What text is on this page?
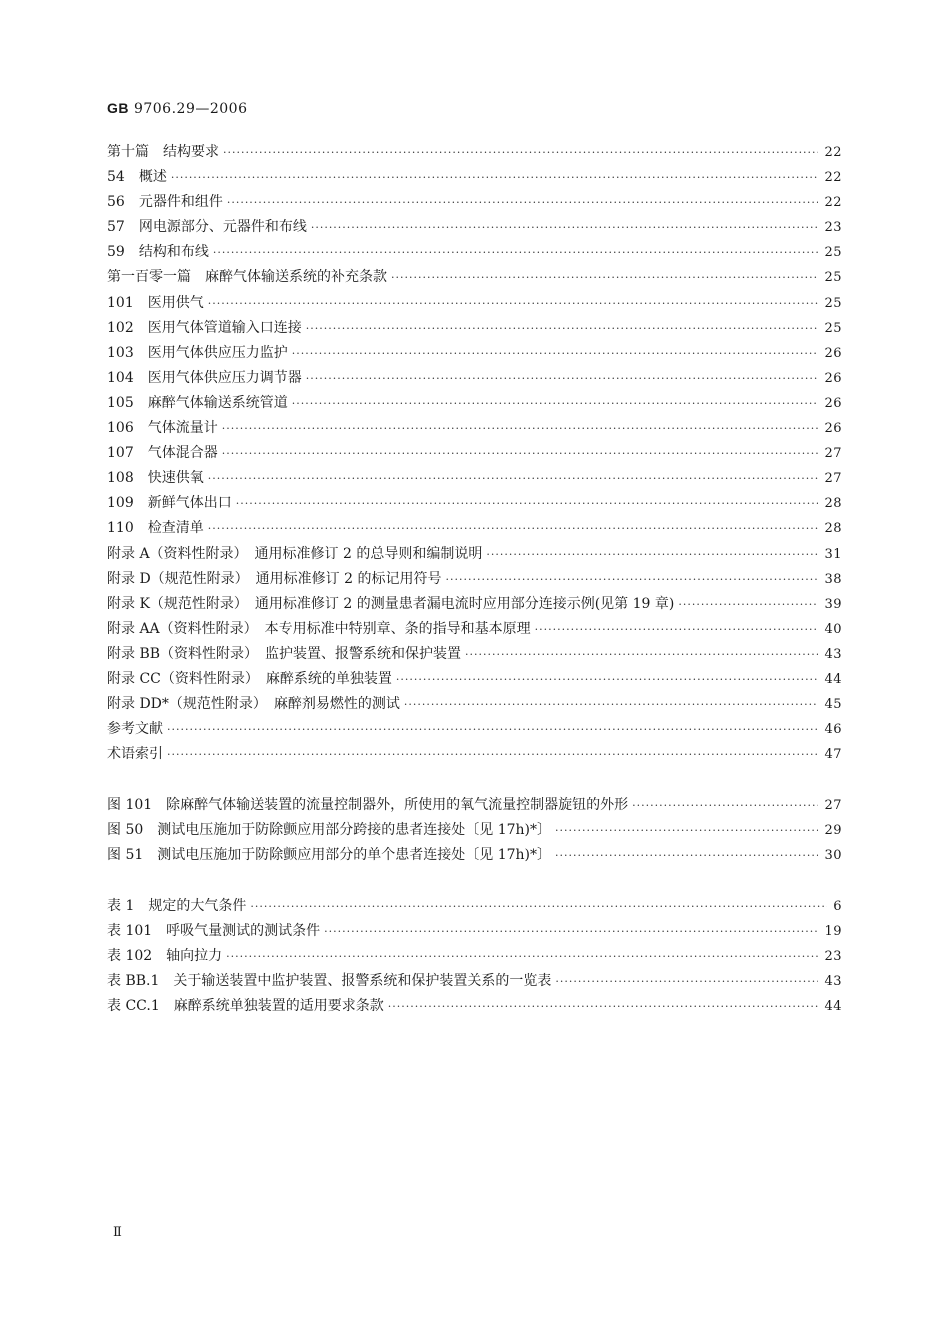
GB 9706.29—2006
第十篇　结构要求 ·····	22
54　概述 ·····	22
56　元器件和组件 ·····	22
57　网电源部分、元器件和布线 ·····	23
59　结构和布线 ·····	25
第一百零一篇　麻醉气体输送系统的补充条款 ·····	25
101　医用供气 ·····	25
102　医用气体管道输入口连接 ·····	25
103　医用气体供应压力监护 ·····	26
104　医用气体供应压力调节器 ·····	26
105　麻醉气体输送系统管道 ·····	26
106　气体流量计 ·····	26
107　气体混合器 ·····	27
108　快速供氧 ·····	27
109　新鲜气体出口 ·····	28
110　检查清单 ·····	28
附录 A（资料性附录）　通用标准修订 2 的总导则和编制说明 ·····	31
附录 D（规范性附录）　通用标准修订 2 的标记用符号 ·····	38
附录 K（规范性附录）　通用标准修订 2 的测量患者漏电流时应用部分连接示例(见第 19 章) ·····	39
附录 AA（资料性附录）　本专用标准中特别章、条的指导和基本原理 ·····	40
附录 BB（资料性附录）　监护装置、报警系统和保护装置 ·····	43
附录 CC（资料性附录）　麻醉系统的单独装置 ·····	44
附录 DD*（规范性附录）　麻醉剂易燃性的测试 ·····	45
参考文献 ·····	46
术语索引 ·····	47
图 101　除麻醉气体输送装置的流量控制器外，所使用的氧气流量控制器旋钮的外形 ·····	27
图 50　测试电压施加于防除颤应用部分跨接的患者连接处〔见 17h)*〕 ·····	29
图 51　测试电压施加于防除颤应用部分的单个患者连接处〔见 17h)*〕 ·····	30
表 1　规定的大气条件 ·····	6
表 101　呼吸气量测试的测试条件 ·····	19
表 102　轴向拉力 ·····	23
表 BB.1　关于输送装置中监护装置、报警系统和保护装置关系的一览表 ·····	43
表 CC.1　麻醉系统单独装置的适用要求条款 ·····	44
Ⅱ
